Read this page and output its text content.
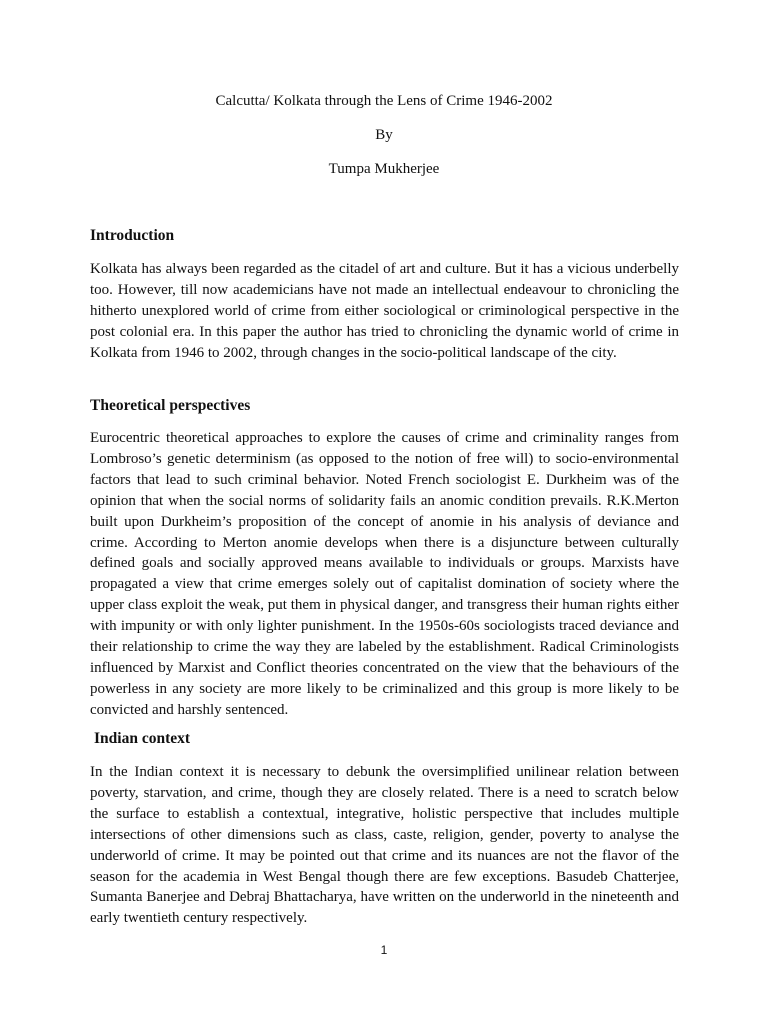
Calcutta/ Kolkata through the Lens of Crime 1946-2002
By
Tumpa Mukherjee
Introduction

Kolkata has always been regarded as the citadel of art and culture. But it has a vicious underbelly too. However, till now academicians have not made an intellectual endeavour to chronicling the hitherto unexplored world of crime from either sociological or criminological perspective in the post colonial era. In this paper the author has tried to chronicling the dynamic world of crime in Kolkata from 1946 to 2002, through changes in the socio-political landscape of the city.

Theoretical perspectives

Eurocentric theoretical approaches to explore the causes of crime and criminality ranges from Lombroso’s genetic determinism (as opposed to the notion of free will) to socio-environmental factors that lead to such criminal behavior. Noted French sociologist E. Durkheim was of the opinion that when the social norms of solidarity fails an anomic condition prevails. R.K.Merton built upon Durkheim’s proposition of the concept of anomie in his analysis of deviance and crime. According to Merton anomie develops when there is a disjuncture between culturally defined goals and socially approved means available to individuals or groups. Marxists have propagated a view that crime emerges solely out of capitalist domination of society where the upper class exploit the weak, put them in physical danger, and transgress their human rights either with impunity or with only lighter punishment. In the 1950s-60s sociologists traced deviance and their relationship to crime the way they are labeled by the establishment. Radical Criminologists influenced by Marxist and Conflict theories concentrated on the view that the behaviours of the powerless in any society are more likely to be criminalized and this group is more likely to be convicted and harshly sentenced.

Indian context

In the Indian context it is necessary to debunk the oversimplified unilinear relation between poverty, starvation, and crime, though they are closely related. There is a need to scratch below the surface to establish a contextual, integrative, holistic perspective that includes multiple intersections of other dimensions such as class, caste, religion, gender, poverty to analyse the underworld of crime. It may be pointed out that crime and its nuances are not the flavor of the season for the academia in West Bengal though there are few exceptions. Basudeb Chatterjee, Sumanta Banerjee and Debraj Bhattacharya, have written on the underworld in the nineteenth and early twentieth century respectively.

1
